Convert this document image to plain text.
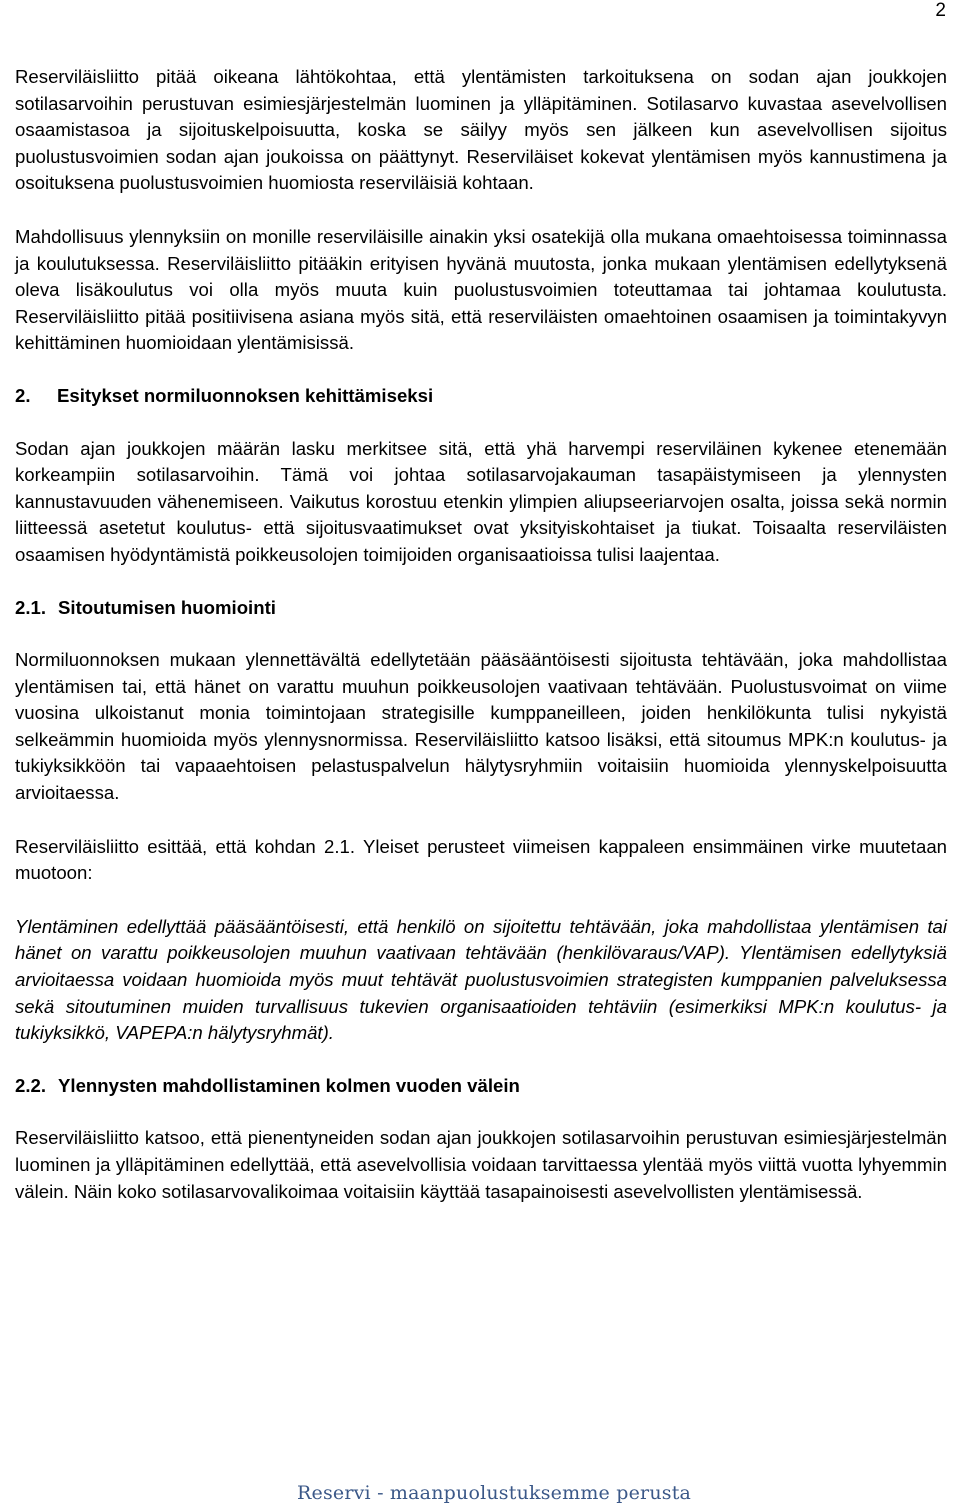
2

Reserviläisliitto pitää oikeana lähtökohtaa, että ylentämisten tarkoituksena on sodan ajan joukkojen sotilasarvoihin perustuvan esimiesjärjestelmän luominen ja ylläpitäminen. Sotilasarvo kuvastaa asevelvollisen osaamistasoa ja sijoituskelpoisuutta, koska se säilyy myös sen jälkeen kun asevelvollisen sijoitus puolustusvoimien sodan ajan joukoissa on päättynyt. Reserviläiset kokevat ylentämisen myös kannustimena ja osoituksena puolustusvoimien huomiosta reserviläisiä kohtaan.

Mahdollisuus ylennyksiin on monille reserviläisille ainakin yksi osatekijä olla mukana omaehtoisessa toiminnassa ja koulutuksessa. Reserviläisliitto pitääkin erityisen hyvänä muutosta, jonka mukaan ylentämisen edellytyksenä oleva lisäkoulutus voi olla myös muuta kuin puolustusvoimien toteuttamaa tai johtamaa koulutusta. Reserviläisliitto pitää positiivisena asiana myös sitä, että reserviläisten omaehtoinen osaamisen ja toimintakyvyn kehittäminen huomioidaan ylentämisissä.

2.	Esitykset normiluonnoksen kehittämiseksi

Sodan ajan joukkojen määrän lasku merkitsee sitä, että yhä harvempi reserviläinen kykenee etenemään korkeampiin sotilasarvoihin. Tämä voi johtaa sotilasarvojakauman tasapäistymiseen ja ylennysten kannustavuuden vähenemiseen. Vaikutus korostuu etenkin ylimpien aliupseeriarvojen osalta, joissa sekä normin liitteessä asetetut koulutus- että sijoitusvaatimukset ovat yksityiskohtaiset ja tiukat. Toisaalta reserviläisten osaamisen hyödyntämistä poikkeusolojen toimijoiden organisaatioissa tulisi laajentaa.

2.1. Sitoutumisen huomiointi

Normiluonnoksen mukaan ylennettävältä edellytetään pääsääntöisesti sijoitusta tehtävään, joka mahdollistaa ylentämisen tai, että hänet on varattu muuhun poikkeusolojen vaativaan tehtävään. Puolustusvoimat on viime vuosina ulkoistanut monia toimintojaan strategisille kumppaneilleen, joiden henkilökunta tulisi nykyistä selkeämmin huomioida myös ylennysnormissa. Reserviläisliitto katsoo lisäksi, että sitoumus MPK:n koulutus- ja tukiyksikköön tai vapaaehtoisen pelastuspalvelun hälytysryhmiin voitaisiin huomioida ylennyskelpoisuutta arvioitaessa.

Reserviläisliitto esittää, että kohdan 2.1. Yleiset perusteet viimeisen kappaleen ensimmäinen virke muutetaan muotoon:

Ylentäminen edellyttää pääsääntöisesti, että henkilö on sijoitettu tehtävään, joka mahdollistaa ylentämisen tai hänet on varattu poikkeusolojen muuhun vaativaan tehtävään (henkilövaraus/VAP). Ylentämisen edellytyksiä arvioitaessa voidaan huomioida myös muut tehtävät puolustusvoimien strategisten kumppanien palveluksessa sekä sitoutuminen muiden turvallisuus tukevien organisaatioiden tehtäviin (esimerkiksi MPK:n koulutus- ja tukiyksikkö, VAPEPA:n hälytysryhmät).

2.2. Ylennysten mahdollistaminen kolmen vuoden välein

Reserviläisliitto katsoo, että pienentyneiden sodan ajan joukkojen sotilasarvoihin perustuvan esimiesjärjestelmän luominen ja ylläpitäminen edellyttää, että asevelvollisia voidaan tarvittaessa ylentää myös viittä vuotta lyhyemmin välein. Näin koko sotilasarvovalikoimaa voitaisiin käyttää tasapainoisesti asevelvollisten ylentämisessä.

Reservi - maanpuolustuksemme perusta
